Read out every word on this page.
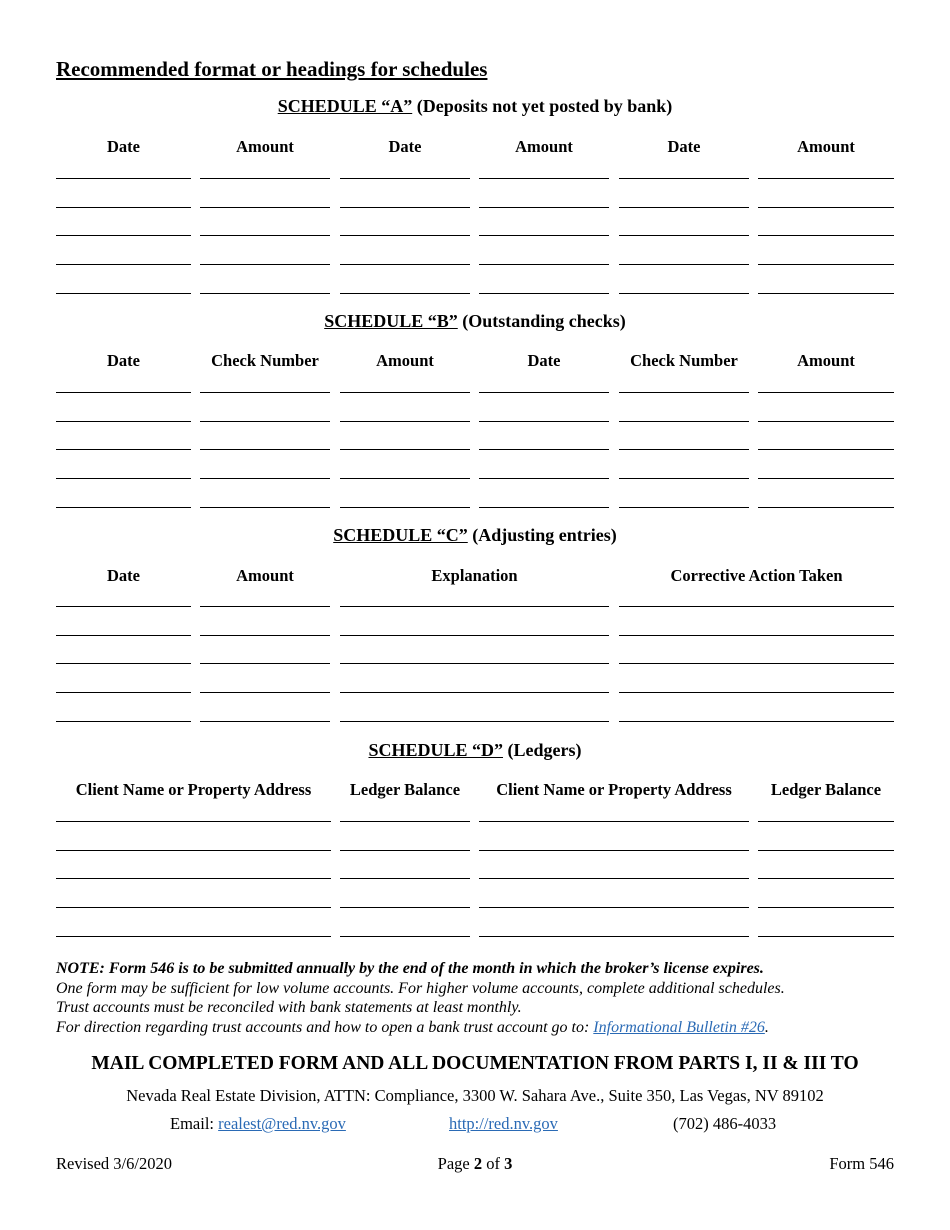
Recommended format or headings for schedules
SCHEDULE “A” (Deposits not yet posted by bank)
Date	Amount	Date	Amount	Date	Amount
SCHEDULE “B” (Outstanding checks)
Date	Check Number	Amount	Date	Check Number	Amount
SCHEDULE “C” (Adjusting entries)
Date	Amount	Explanation	Corrective Action Taken
SCHEDULE “D” (Ledgers)
Client Name or Property Address	Ledger Balance	Client Name or Property Address	Ledger Balance
NOTE: Form 546 is to be submitted annually by the end of the month in which the broker’s license expires.
One form may be sufficient for low volume accounts. For higher volume accounts, complete additional schedules.
Trust accounts must be reconciled with bank statements at least monthly.
For direction regarding trust accounts and how to open a bank trust account go to: Informational Bulletin #26.
MAIL COMPLETED FORM AND ALL DOCUMENTATION FROM PARTS I, II & III TO
Nevada Real Estate Division, ATTN: Compliance, 3300 W. Sahara Ave., Suite 350, Las Vegas, NV 89102
Email: realest@red.nv.gov	http://red.nv.gov	(702) 486-4033
Revised 3/6/2020	Page 2 of 3	Form 546
